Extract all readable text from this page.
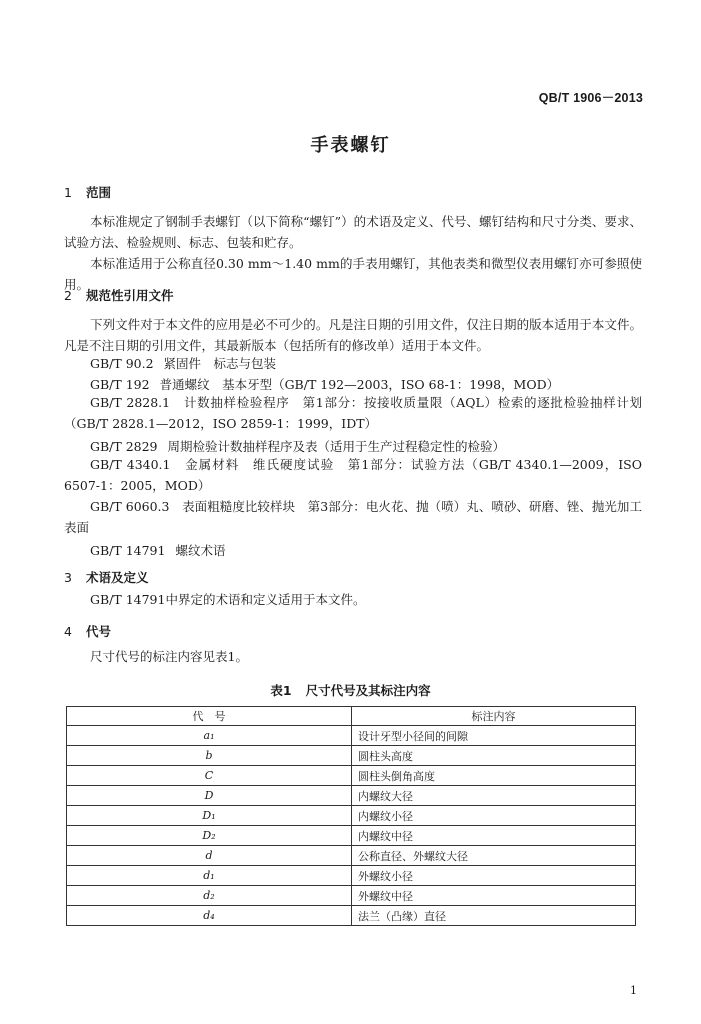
QB/T 1906－2013
手表螺钉
1 范围
本标准规定了钢制手表螺钉（以下简称“螺钉”）的术语及定义、代号、螺钉结构和尺寸分类、要求、试验方法、检验规则、标志、包装和贮存。
本标准适用于公称直径0.30 mm～1.40 mm的手表用螺钉，其他表类和微型仪表用螺钉亦可参照使用。
2 规范性引用文件
下列文件对于本文件的应用是必不可少的。凡是注日期的引用文件，仅注日期的版本适用于本文件。凡是不注日期的引用文件，其最新版本（包括所有的修改单）适用于本文件。
GB/T 90.2 紧固件　标志与包装
GB/T 192 普通螺纹　基本牙型（GB/T 192—2003，ISO 68-1：1998，MOD）
GB/T 2828.1　 计数抽样检验程序　第1部分：按接收质量限（AQL）检索的逐批检验抽样计划（GB/T 2828.1—2012，ISO 2859-1：1999，IDT）
GB/T 2829 周期检验计数抽样程序及表（适用于生产过程稳定性的检验）
GB/T 4340.1　 金属材料　维氏硬度试验　第1部分：试验方法（GB/T 4340.1—2009，ISO 6507-1：2005，MOD）
GB/T 6060.3　 表面粗糙度比较样块　第3部分：电火花、抛（喷）丸、喷砂、研磨、锉、抛光加工表面
GB/T 14791 螺纹术语
3 术语及定义
GB/T 14791中界定的术语和定义适用于本文件。
4 代号
尺寸代号的标注内容见表1。
表1 尺寸代号及其标注内容
代　号	标注内容
a₁	设计牙型小径间的间隙
b	圆柱头高度
C	圆柱头倒角高度
D	内螺纹大径
D₁	内螺纹小径
D₂	内螺纹中径
d	公称直径、外螺纹大径
d₁	外螺纹小径
d₂	外螺纹中径
d₄	法兰（凸缘）直径
1
